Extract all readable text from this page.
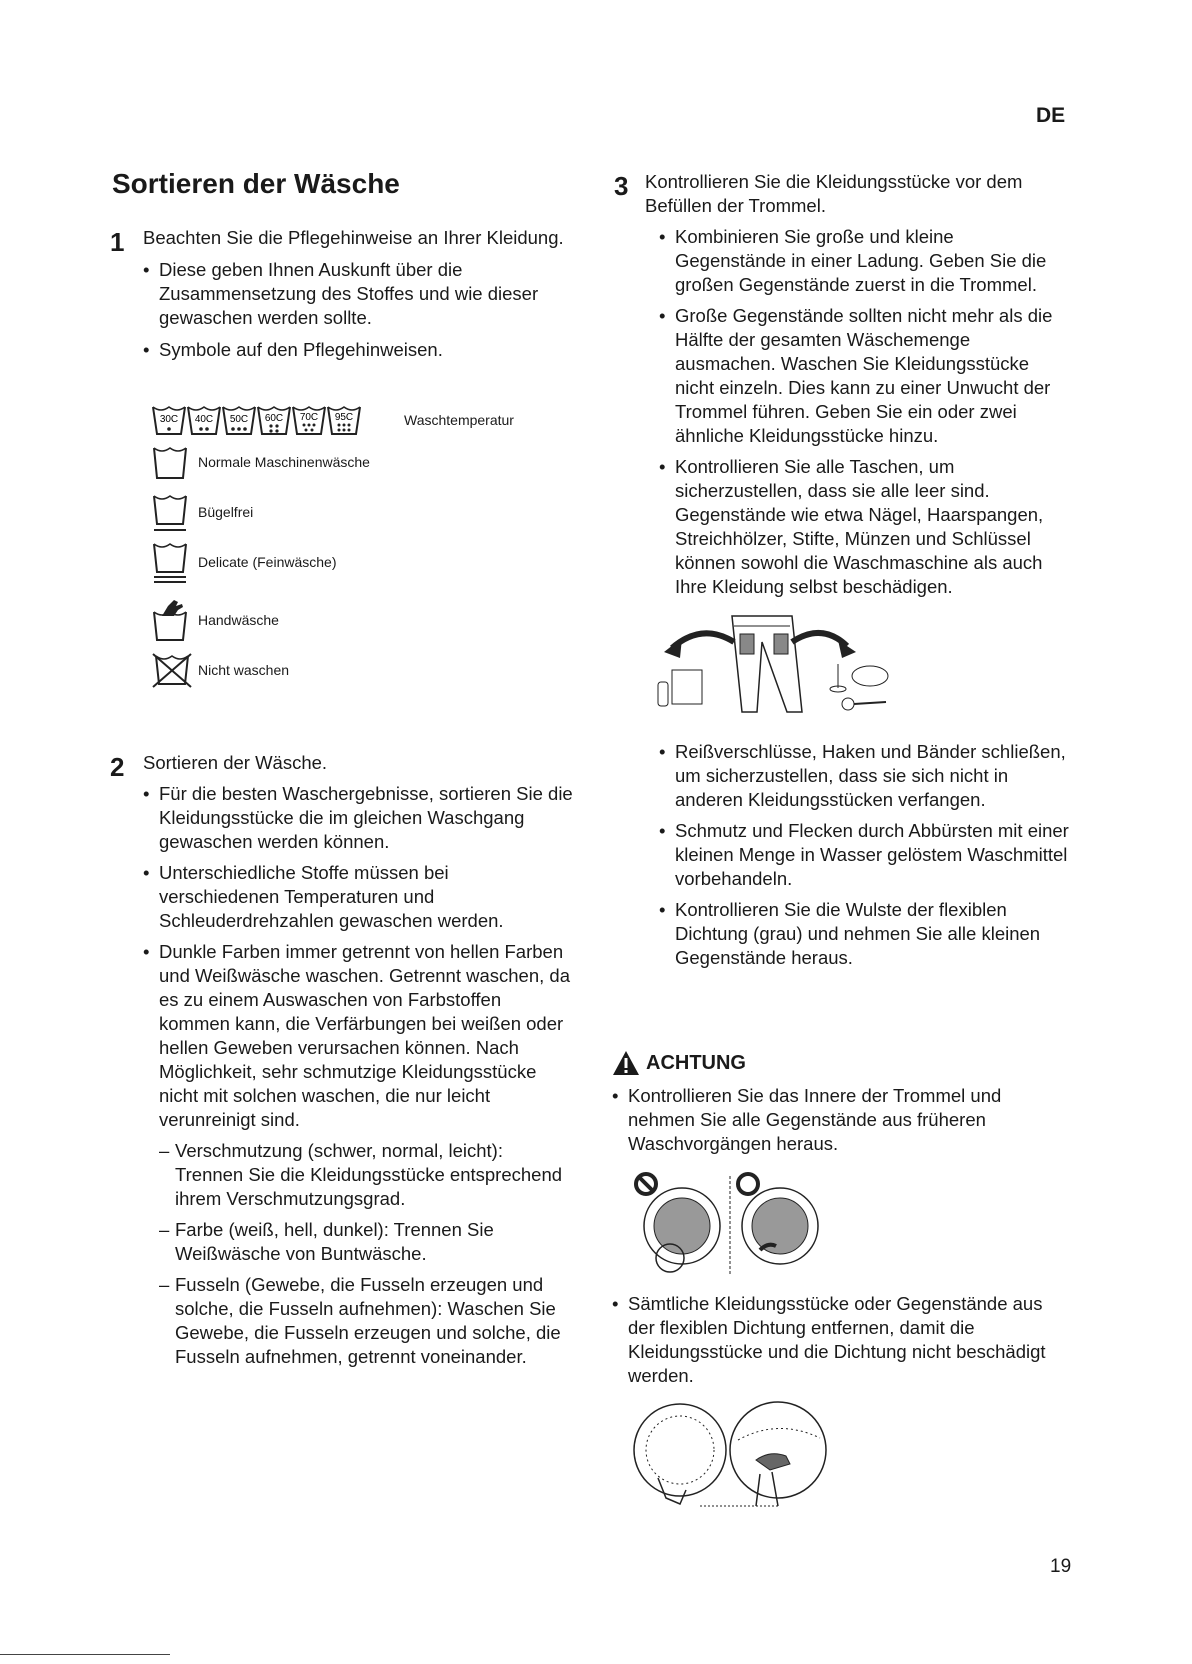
DE
Sortieren der Wäsche
1 Beachten Sie die Pflegehinweise an Ihrer Kleidung.

• Diese geben Ihnen Auskunft über die Zusammensetzung des Stoffes und wie dieser gewaschen werden sollte.

• Symbole auf den Pflegehinweisen.

30C 40C 50C 60C 70C 95C	Waschtemperatur
Normale Maschinenwäsche
Bügelfrei
Delicate (Feinwäsche)
Handwäsche
Nicht waschen
2 Sortieren der Wäsche.

• Für die besten Waschergebnisse, sortieren Sie die Kleidungsstücke die im gleichen Waschgang gewaschen werden können.

• Unterschiedliche Stoffe müssen bei verschiedenen Temperaturen und Schleuderdrehzahlen gewaschen werden.

• Dunkle Farben immer getrennt von hellen Farben und Weißwäsche waschen. Getrennt waschen, da es zu einem Auswaschen von Farbstoffen kommen kann, die Verfärbungen bei weißen oder hellen Geweben verursachen können. Nach Möglichkeit, sehr schmutzige Kleidungsstücke nicht mit solchen waschen, die nur leicht verunreinigt sind.

– Verschmutzung (schwer, normal, leicht): Trennen Sie die Kleidungsstücke entsprechend ihrem Verschmutzungsgrad.

– Farbe (weiß, hell, dunkel): Trennen Sie Weißwäsche von Buntwäsche.

– Fusseln (Gewebe, die Fusseln erzeugen und solche, die Fusseln aufnehmen): Waschen Sie Gewebe, die Fusseln erzeugen und solche, die Fusseln aufnehmen, getrennt voneinander.

3 Kontrollieren Sie die Kleidungsstücke vor dem Befüllen der Trommel.

• Kombinieren Sie große und kleine Gegenstände in einer Ladung. Geben Sie die großen Gegenstände zuerst in die Trommel.

• Große Gegenstände sollten nicht mehr als die Hälfte der gesamten Wäschemenge ausmachen. Waschen Sie Kleidungsstücke nicht einzeln. Dies kann zu einer Unwucht der Trommel führen. Geben Sie ein oder zwei ähnliche Kleidungsstücke hinzu.

• Kontrollieren Sie alle Taschen, um sicherzustellen, dass sie alle leer sind. Gegenstände wie etwa Nägel, Haarspangen, Streichhölzer, Stifte, Münzen und Schlüssel können sowohl die Waschmaschine als auch Ihre Kleidung selbst beschädigen.

• Reißverschlüsse, Haken und Bänder schließen, um sicherzustellen, dass sie sich nicht in anderen Kleidungsstücken verfangen.

• Schmutz und Flecken durch Abbürsten mit einer kleinen Menge in Wasser gelöstem Waschmittel vorbehandeln.

• Kontrollieren Sie die Wulste der flexiblen Dichtung (grau) und nehmen Sie alle kleinen Gegenstände heraus.

ACHTUNG

• Kontrollieren Sie das Innere der Trommel und nehmen Sie alle Gegenstände aus früheren Waschvorgängen heraus.

• Sämtliche Kleidungsstücke oder Gegenstände aus der flexiblen Dichtung entfernen, damit die Kleidungsstücke und die Dichtung nicht beschädigt werden.

19
